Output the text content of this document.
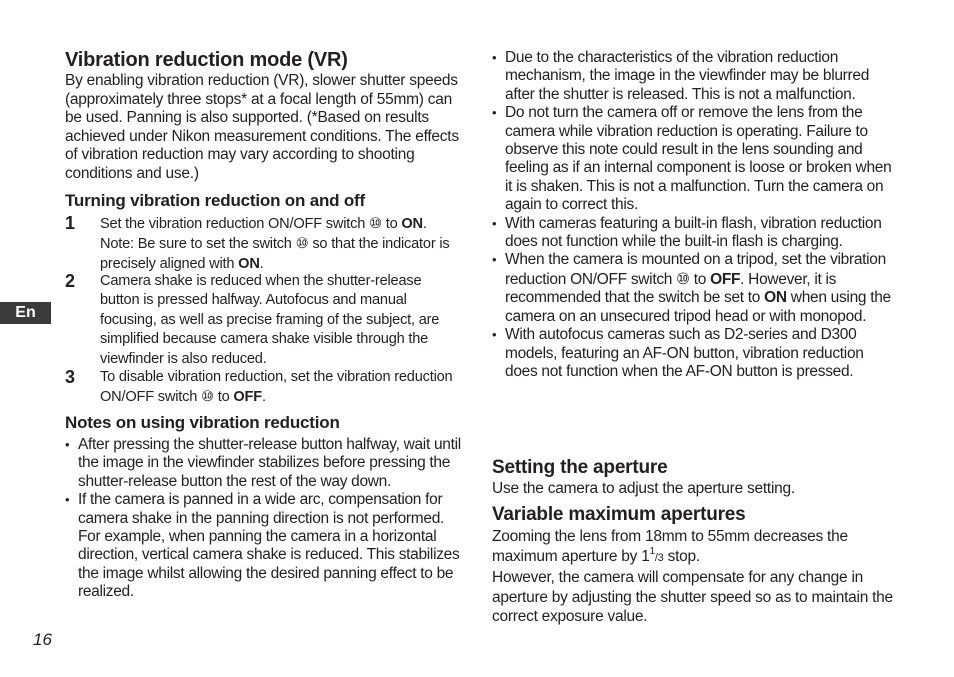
En

Vibration reduction mode (VR)

By enabling vibration reduction (VR), slower shutter speeds (approximately three stops* at a focal length of 55mm) can be used. Panning is also supported. (*Based on results achieved under Nikon measurement conditions. The effects of vibration reduction may vary according to shooting conditions and use.)

Turning vibration reduction on and off

1 Set the vibration reduction ON/OFF switch ⑩ to ON.
Note: Be sure to set the switch ⑩ so that the indicator is precisely aligned with ON.
2 Camera shake is reduced when the shutter-release button is pressed halfway. Autofocus and manual focusing, as well as precise framing of the subject, are simplified because camera shake visible through the viewfinder is also reduced.
3 To disable vibration reduction, set the vibration reduction ON/OFF switch ⑩ to OFF.

Notes on using vibration reduction

• After pressing the shutter-release button halfway, wait until the image in the viewfinder stabilizes before pressing the shutter-release button the rest of the way down.
• If the camera is panned in a wide arc, compensation for camera shake in the panning direction is not performed. For example, when panning the camera in a horizontal direction, vertical camera shake is reduced. This stabilizes the image whilst allowing the desired panning effect to be realized.
• Due to the characteristics of the vibration reduction mechanism, the image in the viewfinder may be blurred after the shutter is released. This is not a malfunction.
• Do not turn the camera off or remove the lens from the camera while vibration reduction is operating. Failure to observe this note could result in the lens sounding and feeling as if an internal component is loose or broken when it is shaken. This is not a malfunction. Turn the camera on again to correct this.
• With cameras featuring a built-in flash, vibration reduction does not function while the built-in flash is charging.
• When the camera is mounted on a tripod, set the vibration reduction ON/OFF switch ⑩ to OFF. However, it is recommended that the switch be set to ON when using the camera on an unsecured tripod head or with monopod.
• With autofocus cameras such as D2-series and D300 models, featuring an AF-ON button, vibration reduction does not function when the AF-ON button is pressed.

Setting the aperture

Use the camera to adjust the aperture setting.

Variable maximum apertures

Zooming the lens from 18mm to 55mm decreases the maximum aperture by $1^1/3$ stop.
However, the camera will compensate for any change in aperture by adjusting the shutter speed so as to maintain the correct exposure value.

16
